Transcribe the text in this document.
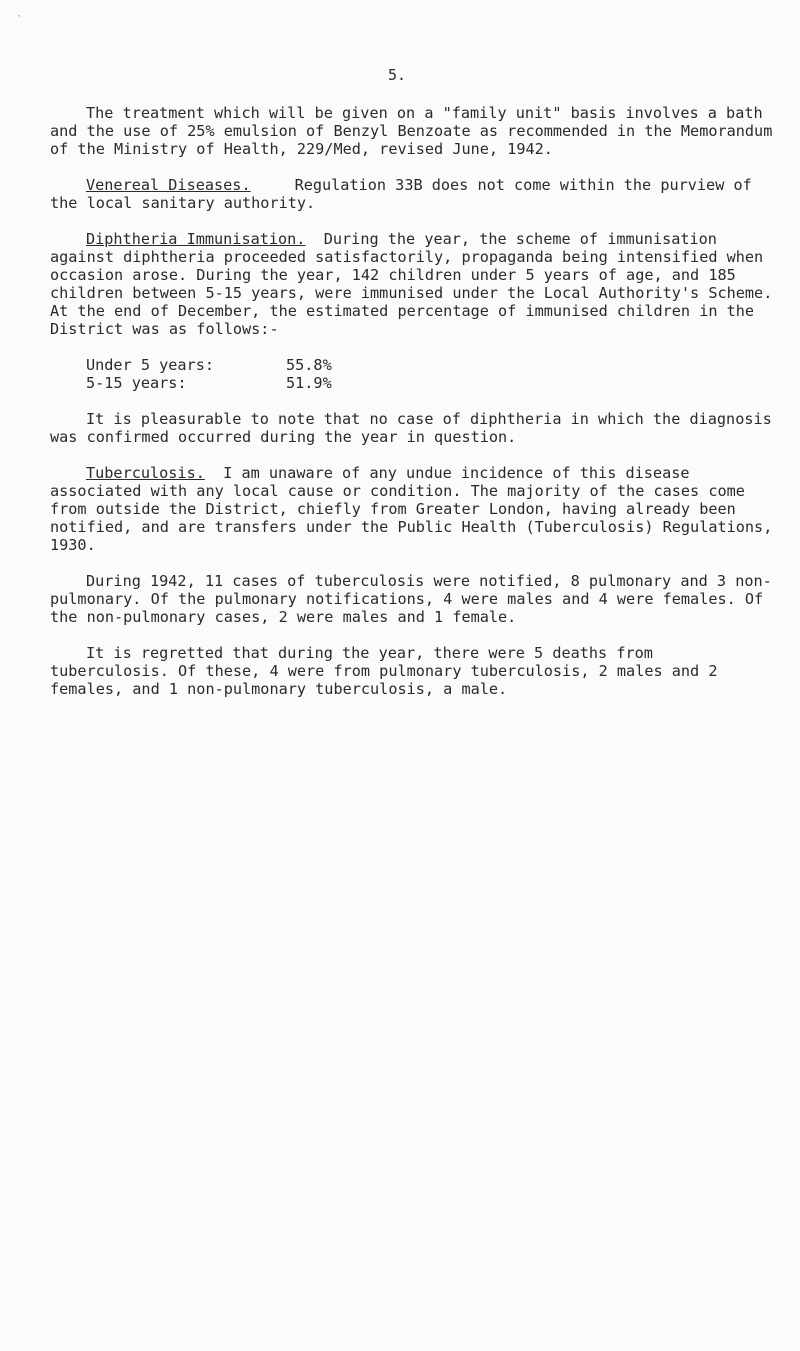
5.

The treatment which will be given on a "family unit" basis involves a bath and the use of 25% emulsion of Benzyl Benzoate as recommended in the Memorandum of the Ministry of Health, 229/Med, revised June, 1942.

Venereal Diseases.	Regulation 33B does not come within the purview of the local sanitary authority.

Diphtheria Immunisation. During the year, the scheme of immunisation against diphtheria proceeded satisfactorily, propaganda being intensified when occasion arose. During the year, 142 children under 5 years of age, and 185 children between 5-15 years, were immunised under the Local Authority's Scheme. At the end of December, the estimated percentage of immunised children in the District was as follows:-

Under 5 years:	55.8%
5-15 years:	51.9%

It is pleasurable to note that no case of diphtheria in which the diagnosis was confirmed occurred during the year in question.

Tuberculosis. I am unaware of any undue incidence of this disease associated with any local cause or condition. The majority of the cases come from outside the District, chiefly from Greater London, having already been notified, and are transfers under the Public Health (Tuberculosis) Regulations, 1930.

During 1942, 11 cases of tuberculosis were notified, 8 pulmonary and 3 non-pulmonary. Of the pulmonary notifications, 4 were males and 4 were females. Of the non-pulmonary cases, 2 were males and 1 female.

It is regretted that during the year, there were 5 deaths from tuberculosis. Of these, 4 were from pulmonary tuberculosis, 2 males and 2 females, and 1 non-pulmonary tuberculosis, a male.

·
